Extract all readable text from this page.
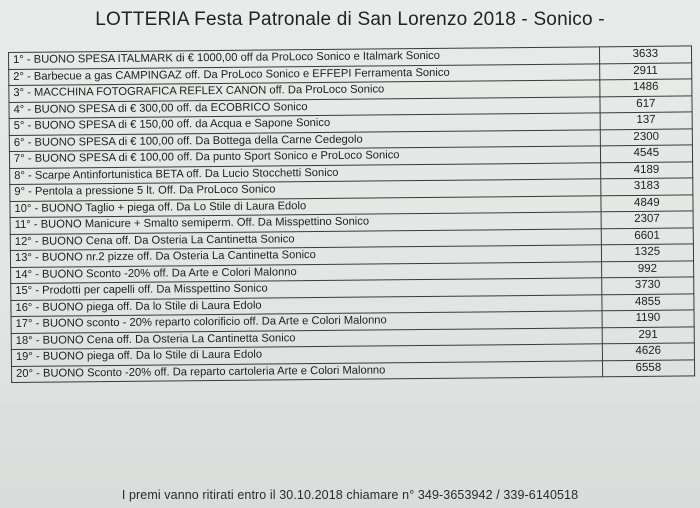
LOTTERIA Festa Patronale di San Lorenzo 2018 - Sonico -
1° - BUONO SPESA ITALMARK di € 1000,00 off da ProLoco Sonico e Italmark Sonico	3633
2° - Barbecue a gas CAMPINGAZ off. Da ProLoco Sonico e EFFEPI Ferramenta Sonico	2911
3° - MACCHINA FOTOGRAFICA REFLEX CANON off. Da ProLoco Sonico	1486
4° - BUONO SPESA di € 300,00 off. da ECOBRICO Sonico	617
5° - BUONO SPESA di € 150,00 off. da Acqua e Sapone Sonico	137
6° - BUONO SPESA di € 100,00 off. Da Bottega della Carne Cedegolo	2300
7° - BUONO SPESA di € 100,00 off. Da punto Sport Sonico e ProLoco Sonico	4545
8° - Scarpe Antinfortunistica BETA off. Da Lucio Stocchetti Sonico	4189
9° - Pentola a pressione 5 lt. Off. Da ProLoco Sonico	3183
10° - BUONO Taglio + piega off. Da Lo Stile di Laura Edolo	4849
11° - BUONO Manicure + Smalto semiperm. Off. Da Misspettino Sonico	2307
12° - BUONO Cena off. Da Osteria La Cantinetta Sonico	6601
13° - BUONO nr.2 pizze off. Da Osteria La Cantinetta Sonico	1325
14° - BUONO Sconto -20% off. Da Arte e Colori Malonno	992
15° - Prodotti per capelli off. Da Misspettino Sonico	3730
16° - BUONO piega off. Da lo Stile di Laura Edolo	4855
17° - BUONO sconto - 20% reparto colorificio off. Da Arte e Colori Malonno	1190
18° - BUONO Cena off. Da Osteria La Cantinetta Sonico	291
19° - BUONO piega off. Da lo Stile di Laura Edolo	4626
20° - BUONO Sconto -20% off. Da reparto cartoleria Arte e Colori Malonno	6558
I premi vanno ritirati entro il 30.10.2018 chiamare n° 349-3653942 / 339-6140518
